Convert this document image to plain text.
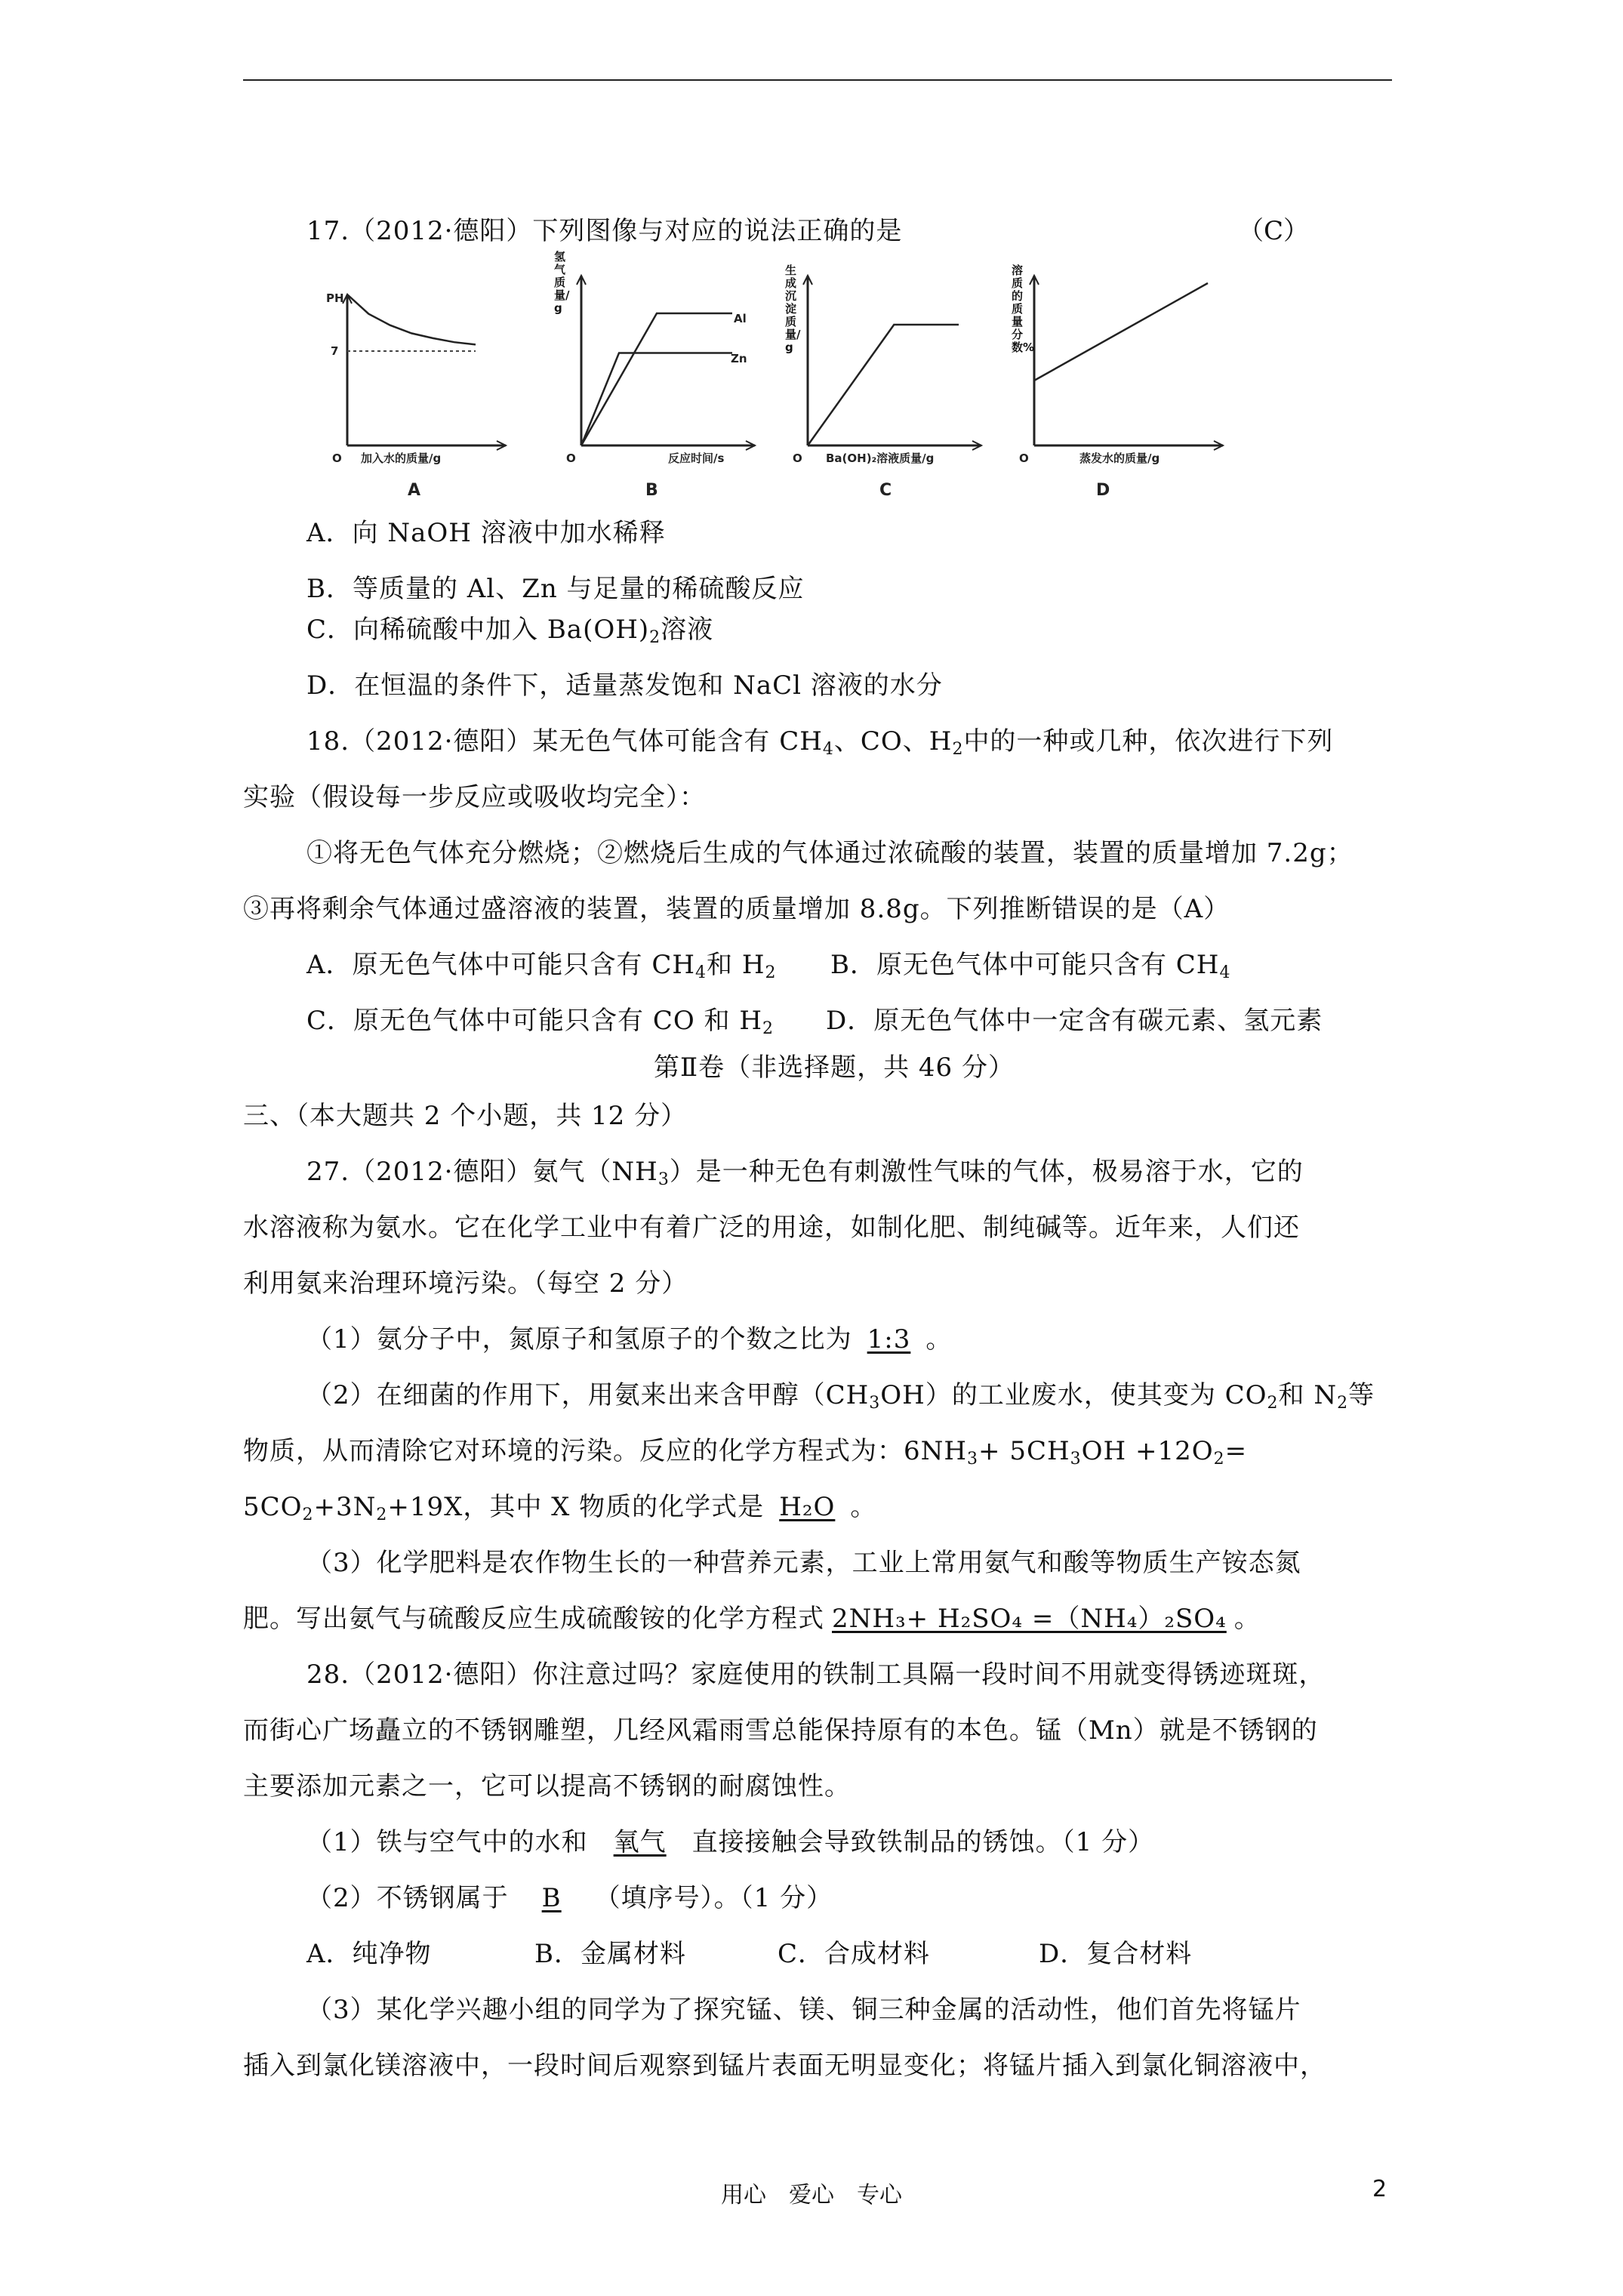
17.（2012·德阳）下列图像与对应的说法正确的是	（C）
PH
7
O 加入水的质量/g
A
氢气质量/g
Al
Zn
O	反应时间/s
B
生成沉淀质量/g
O Ba(OH)₂溶液质量/g
C
溶质的质量分数%
O	蒸发水的质量/g
D
A．向 NaOH 溶液中加水稀释
B．等质量的 Al、Zn 与足量的稀硫酸反应
C．向稀硫酸中加入 $Ba(OH)_2$溶液
D．在恒温的条件下，适量蒸发饱和 NaCl 溶液的水分
18.（2012·德阳）某无色气体可能含有 $CH_4$、CO、$H_2$中的一种或几种，依次进行下列
实验（假设每一步反应或吸收均完全）：
①将无色气体充分燃烧；②燃烧后生成的气体通过浓硫酸的装置，装置的质量增加 7.2g；
③再将剩余气体通过盛溶液的装置，装置的质量增加 8.8g。下列推断错误的是（A）
A．原无色气体中可能只含有 $CH_4$和 $H_2$ B．原无色气体中可能只含有 $CH_4$
C．原无色气体中可能只含有 CO 和 $H_2$ D．原无色气体中一定含有碳元素、氢元素
第Ⅱ卷（非选择题，共 46 分）
三、（本大题共 2 个小题，共 12 分）
27.（2012·德阳）氨气$(NH_3)$是一种无色有刺激性气味的气体，极易溶于水，它的
水溶液称为氨水。它在化学工业中有着广泛的用途，如制化肥、制纯碱等。近年来，人们还
利用氨来治理环境污染。（每空 2 分）
（1）氨分子中，氮原子和氢原子的个数之比为 1:3 。
（2）在细菌的作用下，用氨来出来含甲醇$(CH_3OH)$的工业废水，使其变为 $CO_2$和 $N_2$等
物质，从而清除它对环境的污染。反应的化学方程式为：$6NH_3+ 5CH_3OH +12O_2=$
$5CO_2+3N_2+19X$，其中 X 物质的化学式是 H₂O 。
（3）化学肥料是农作物生长的一种营养元素，工业上常用氨气和酸等物质生产铵态氮
肥。写出氨气与硫酸反应生成硫酸铵的化学方程式 2NH₃+ H₂SO₄ =（NH₄）₂SO₄ 。
28.（2012·德阳）你注意过吗？家庭使用的铁制工具隔一段时间不用就变得锈迹斑斑，
而街心广场矗立的不锈钢雕塑，几经风霜雨雪总能保持原有的本色。锰（Mn）就是不锈钢的
主要添加元素之一，它可以提高不锈钢的耐腐蚀性。
（1）铁与空气中的水和 氧气 直接接触会导致铁制品的锈蚀。（1 分）
（2）不锈钢属于 B （填序号）。（1 分）
A．纯净物	B．金属材料	C．合成材料	D．复合材料
（3）某化学兴趣小组的同学为了探究锰、镁、铜三种金属的活动性，他们首先将锰片
插入到氯化镁溶液中，一段时间后观察到锰片表面无明显变化；将锰片插入到氯化铜溶液中，
用心　爱心　专心	2
